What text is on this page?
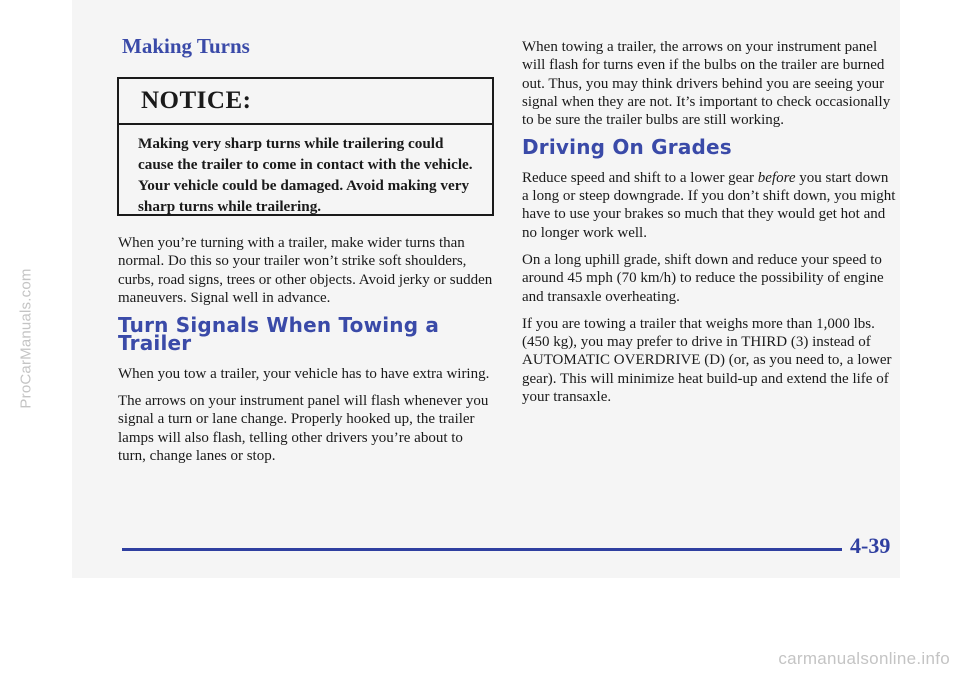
ProCarManuals.com
Making Turns
NOTICE:
Making very sharp turns while trailering could cause the trailer to come in contact with the vehicle. Your vehicle could be damaged. Avoid making very sharp turns while trailering.

When you’re turning with a trailer, make wider turns than normal. Do this so your trailer won’t strike soft shoulders, curbs, road signs, trees or other objects. Avoid jerky or sudden maneuvers. Signal well in advance.

Turn Signals When Towing a Trailer

When you tow a trailer, your vehicle has to have extra wiring.

The arrows on your instrument panel will flash whenever you signal a turn or lane change. Properly hooked up, the trailer lamps will also flash, telling other drivers you’re about to turn, change lanes or stop.

When towing a trailer, the arrows on your instrument panel will flash for turns even if the bulbs on the trailer are burned out. Thus, you may think drivers behind you are seeing your signal when they are not. It’s important to check occasionally to be sure the trailer bulbs are still working.

Driving On Grades

Reduce speed and shift to a lower gear before you start down a long or steep downgrade. If you don’t shift down, you might have to use your brakes so much that they would get hot and no longer work well.

On a long uphill grade, shift down and reduce your speed to around 45 mph (70 km/h) to reduce the possibility of engine and transaxle overheating.

If you are towing a trailer that weighs more than 1,000 lbs. (450 kg), you may prefer to drive in THIRD (3) instead of AUTOMATIC OVERDRIVE (D) (or, as you need to, a lower gear). This will minimize heat build-up and extend the life of your transaxle.

4-39
carmanualsonline.info
